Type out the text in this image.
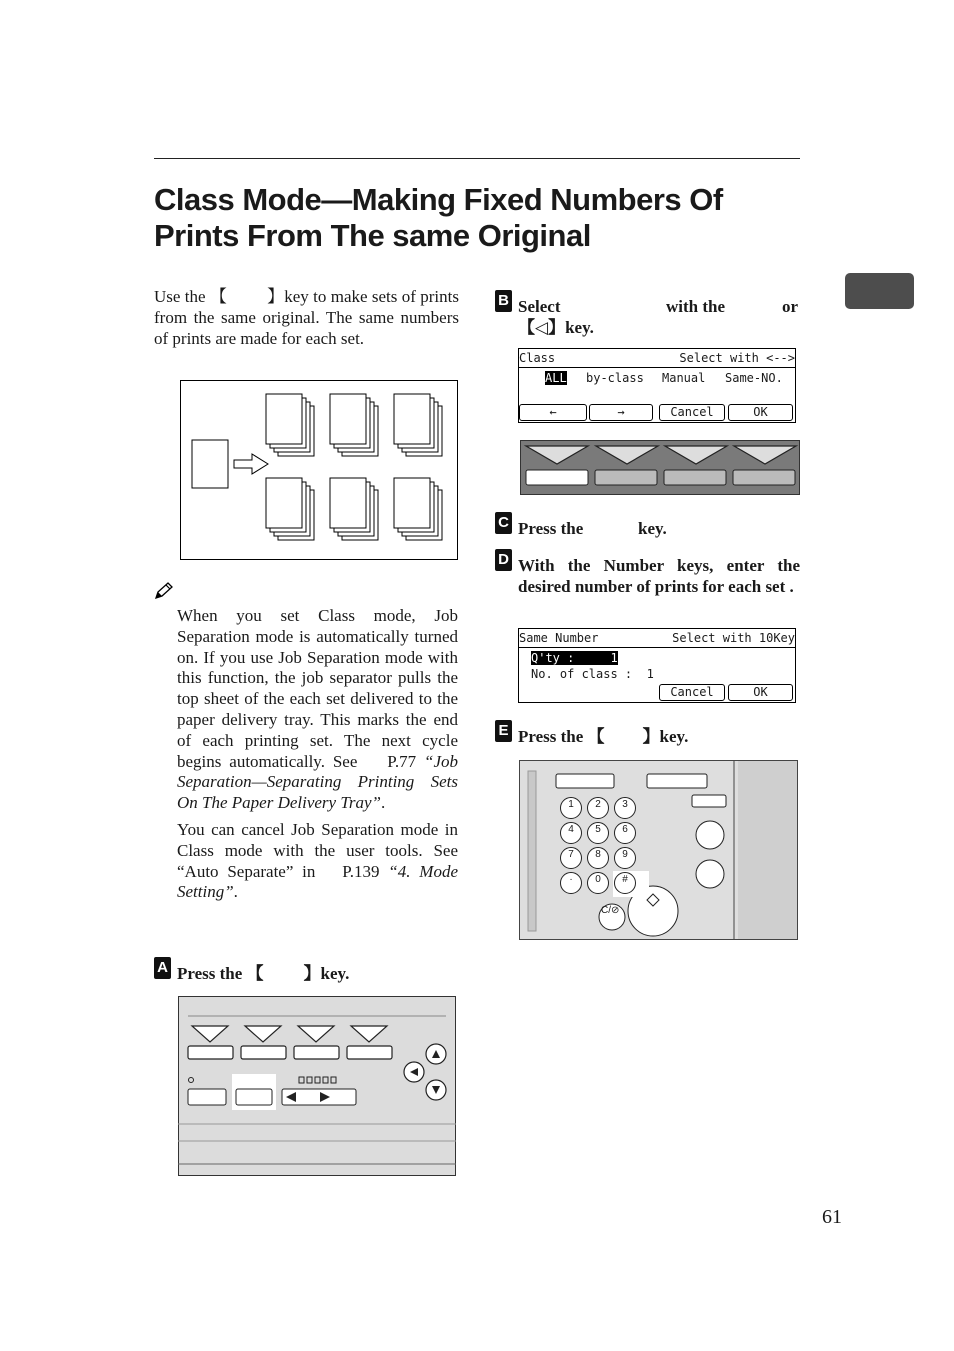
Class Mode—Making Fixed Numbers Of
Prints From The same Original

Use the 【 】key to make sets of prints from the same original. The same numbers of prints are made for each set.

When you set Class mode, Job Separation mode is automatically turned on. If you use Job Separation mode with this function, the job separator pulls the top sheet of the each set delivered to the paper delivery tray. This marks the end of each printing set. The next cycle begins automatically. See P.77 “Job Separation—Separating Printing Sets On The Paper Delivery Tray”.

You can cancel Job Separation mode in Class mode with the user tools. See “Auto Separate” in P.139 “4. Mode Setting”.

A Press the 【 】key.
B Select	with the	or
【◁】key.
Class	Select with <-->
ALL by-class Manual Same-NO.
←	→	Cancel	OK
C Press the	key.
D With the Number keys, enter the desired number of prints for each set .
Same Number	Select with 10Key
Q'ty :     1
No. of class :  1
Cancel	OK
E Press the 【 】key.
1	2	3
4	5	6
7	8	9
·	0	#
C/⊘
61
